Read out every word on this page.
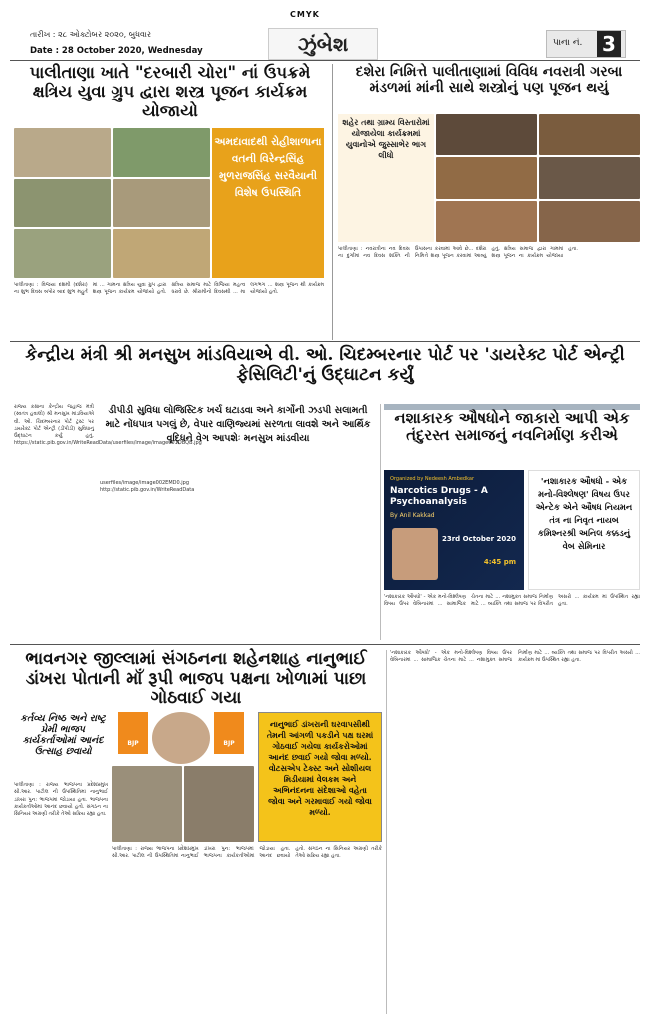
CMYK
તારીખ : ૨૮ ઓક્ટોબર ૨૦૨૦, બુધવાર
Date : 28 October 2020, Wednesday	ઝુંબેશ	પાના નં. 3
પાલીતાણા ખાતે "દરબારી ચોરા" નાં ઉપક્રમે ક્ષત્રિય યુવા ગ્રુપ દ્વારા શસ્ત્ર પૂજન કાર્યક્રમ યોજાયો
અમદાવાદથી રોહીશાળાના વતની વિરેન્દ્રસિંહ મુળરાજસિંહ સરવૈયાની વિશેષ ઉપસ્થિતિ
પાલીતાણા : વિજયા દશમી (દશેરા) ના શુભ દિવસ બપોર બાદ શુભ મહુર્ત માં ... ગામના ક્ષત્રિય યુવા ગ્રુપ દ્વારા શસ્ત્ર પૂજન કાર્યક્રમ યોજાયો હતો. ક્ષત્રિય સમાજ માટે વિજિયા મહત્વ ધરાવે છે. શ્રીરામીનો દિવસથી ... મા લગભગ ... શસ્ત્ર પૂજન થી કાર્યક્રમ યોજાયો હતો.
દશેરા નિમિત્તે પાલીતાણામાં વિવિધ નવરાત્રી ગરબા મંડળમાં માંની સાથે શસ્ત્રોનું પણ પૂજન થયું
શહેર તથા ગ્રામ્ય વિસ્તારોમાં યોજાયેલા કાર્યક્રમમાં યુવાનોએ જુસ્સાભેર ભાગ લીધો
પાલીતાણા : નવરાત્રીના નવ દિવસ ના દુર્ગામાં નવ દિવસ શક્તિ ની ઉપાસના કરવામાં આવે છે... દશેરા નિમિત્તે શસ્ત્ર પૂજન કરવામાં આવ્યું હતું. ક્ષત્રિય સમાજ દ્વારા ગામમાં શસ્ત્ર પૂજન ના કાર્યક્રમ યોજાયા હતા.
કેન્દ્રીય મંત્રી શ્રી મનસુખ માંડવિયાએ વી. ઓ. ચિદમ્બરનાર પોર્ટ પર 'ડાયરેક્ટ પોર્ટ એન્ટ્રી ફેસિલિટી'નું ઉદ્ઘાટન કર્યું
રાજ્ય કક્ષાના કેન્દ્રીય જહાજ મંત્રી (સ્વતંત્ર હવાલો) શ્રી મનસુખ માંડવિયાએ વી. ઓ. ચિદમ્બરનાર પોર્ટ ટ્રસ્ટ પર ડાયરેક્ટ પોર્ટ એન્ટ્રી (ડીપીડી) સુવિધાનું ઉદ્ઘાટન કર્યું હતું. https://static.pib.gov.in/WriteReadData/userfiles/image/image001OBQB.jpg
ડીપીડી સુવિધા લોજિસ્ટિક ખર્ચ ઘટાડવા અને કાર્ગોની ઝડપી સલામતી માટે નોંધપાત્ર પગલું છે, વેપાર વાણિજ્યમાં સરળતા લાવશે અને આર્થિક વૃદ્ધિને વેગ આપશેઃ મનસુખ માંડવીયા
userfiles/image/image002EMD0.jpg http://static.pib.gov.in/WriteReadData
નશાકારક ઔષધોને જાકારો આપી એક તંદુરસ્ત સમાજનું નવનિર્માણ કરીએ
Organized by Nedeesh Ambedkar
Narcotics Drugs - A Psychoanalysis
By Anil Kakkad
23rd October 2020
4:45 pm
'નશાકારક ઔષધો - એક મનો-વિશ્લેષણ' વિષય ઉપર એન્ટેક એને ઔષધ નિયમન તંત્ર ના નિવૃત નાયબ કમિશ્નરશ્રી અનિલ કક્કડનું વેબ સેમિનાર
'નશાકારક ઔષધો' - એક મનો-વિશ્લેષણ વિષય ઉપર વેબિનારમાં ... સામાજિક ચેતના માટે ... નશામુક્ત સમાજ નિર્માણ માટે ... વ્યક્તિ તથા સમાજ પર વિપરીત અસરો ... કાર્યક્રમ માં ઉપસ્થિત રહ્યા હતા.
ભાવનગર જીલ્લામાં સંગઠનના શહેનશાહ નાનુભાઈ ડાંખરા પોતાની માઁ રૂપી ભાજપ પક્ષના ખોળામાં પાછા ગોઠવાઈ ગયા
કર્તવ્ય નિષ્ઠ અને રાષ્ટ્ર પ્રેમી ભાજપ કાર્યકર્તાઓમાં આનંદ ઉત્સાહ છવાયો
BJP	BJP
નાનુભાઈ ડાંખરાની ઘરવાપસીથી તેમની આંગળી પકડીને પક્ષ ઘરમાં ગોઠવાઈ ગયેલા કાર્યકરોઓમાં આનંદ છવાઈ ગયો જોવા મળ્યો. વોટસએપ ટેક્સ્ટ અને સોશીયલ મિડીયામાં વેલકમ અને અભિનંદનના સંદેશાઓ વહેતા જોવા અને ગરમાવાઈ ગયો જોવા મળ્યો.
પાલીતાણા : રાજ્ય ભાજપના પ્રદેશપ્રમુખ સી.આર. પાટીલ ની ઉપસ્થિતિમાં નાનુભાઈ ડાંખરા પુન: ભાજપમાં જોડાયા હતા. ભાજપના કાર્યકર્તાઓમાં આનંદ છવાયો હતો. સંગઠન ના સિનિયર અગ્રણી તરીકે તેઓ સક્રિય રહ્યા હતા.
પાલીતાણા : રાજ્ય ભાજપના પ્રદેશપ્રમુખ સી.આર. પાટીલ ની ઉપસ્થિતિમાં નાનુભાઈ ડાંખરા પુન: ભાજપમાં જોડાયા હતા. ભાજપના કાર્યકર્તાઓમાં આનંદ છવાયો હતો. સંગઠન ના સિનિયર અગ્રણી તરીકે તેઓ સક્રિય રહ્યા હતા.
'નશાકારક ઔષધો' - એક મનો-વિશ્લેષણ વિષય ઉપર વેબિનારમાં ... સામાજિક ચેતના માટે ... નશામુક્ત સમાજ નિર્માણ માટે ... વ્યક્તિ તથા સમાજ પર વિપરીત અસરો ... કાર્યક્રમ માં ઉપસ્થિત રહ્યા હતા.
